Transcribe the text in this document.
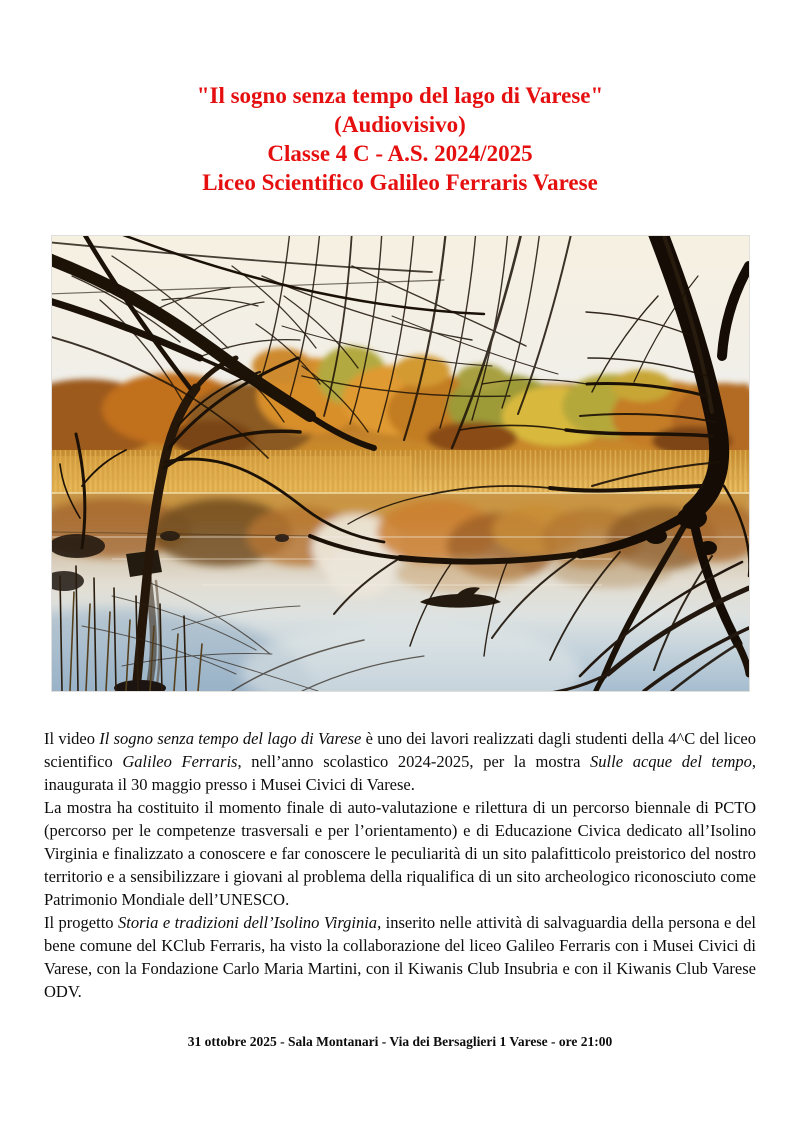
"Il sogno senza tempo del lago di Varese"
(Audiovisivo)
Classe 4 C - A.S. 2024/2025
Liceo Scientifico Galileo Ferraris Varese

Il video Il sogno senza tempo del lago di Varese è uno dei lavori realizzati dagli studenti della 4^C del liceo scientifico Galileo Ferraris, nell’anno scolastico 2024-2025, per la mostra Sulle acque del tempo, inaugurata il 30 maggio presso i Musei Civici di Varese.

La mostra ha costituito il momento finale di auto-valutazione e rilettura di un percorso biennale di PCTO (percorso per le competenze trasversali e per l’orientamento) e di Educazione Civica dedicato all’Isolino Virginia e finalizzato a conoscere e far conoscere le peculiarità di un sito palafitticolo preistorico del nostro territorio e a sensibilizzare i giovani al problema della riqualifica di un sito archeologico riconosciuto come Patrimonio Mondiale dell’UNESCO.

Il progetto Storia e tradizioni dell’Isolino Virginia, inserito nelle attività di salvaguardia della persona e del bene comune del KClub Ferraris, ha visto la collaborazione del liceo Galileo Ferraris con i Musei Civici di Varese, con la Fondazione Carlo Maria Martini, con il Kiwanis Club Insubria e con il Kiwanis Club Varese ODV.

31 ottobre 2025 - Sala Montanari - Via dei Bersaglieri 1 Varese - ore 21:00
